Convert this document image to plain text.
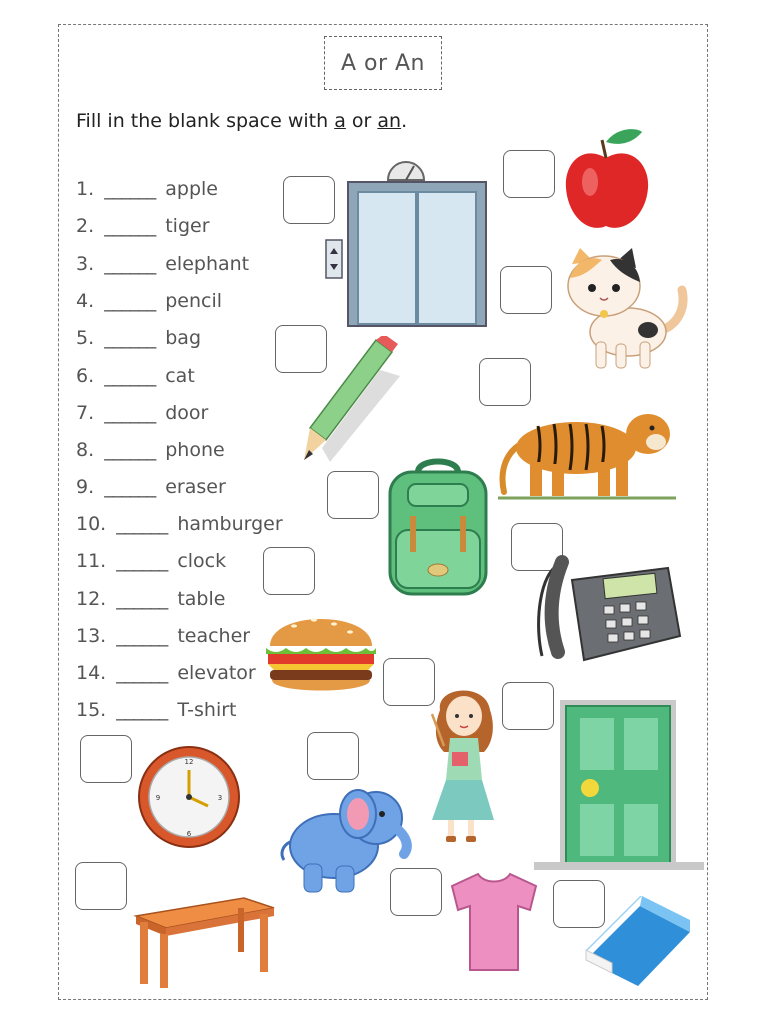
A or An
Fill in the blank space with a or an.
1. ______ apple
2. ______ tiger
3. ______ elephant
4. ______ pencil
5. ______ bag
6. ______ cat
7. ______ door
8. ______ phone
9. ______ eraser
10. ______ hamburger
11. ______ clock
12. ______ table
13. ______ teacher
14. ______ elevator
15. ______ T-shirt
12
3
6
9
